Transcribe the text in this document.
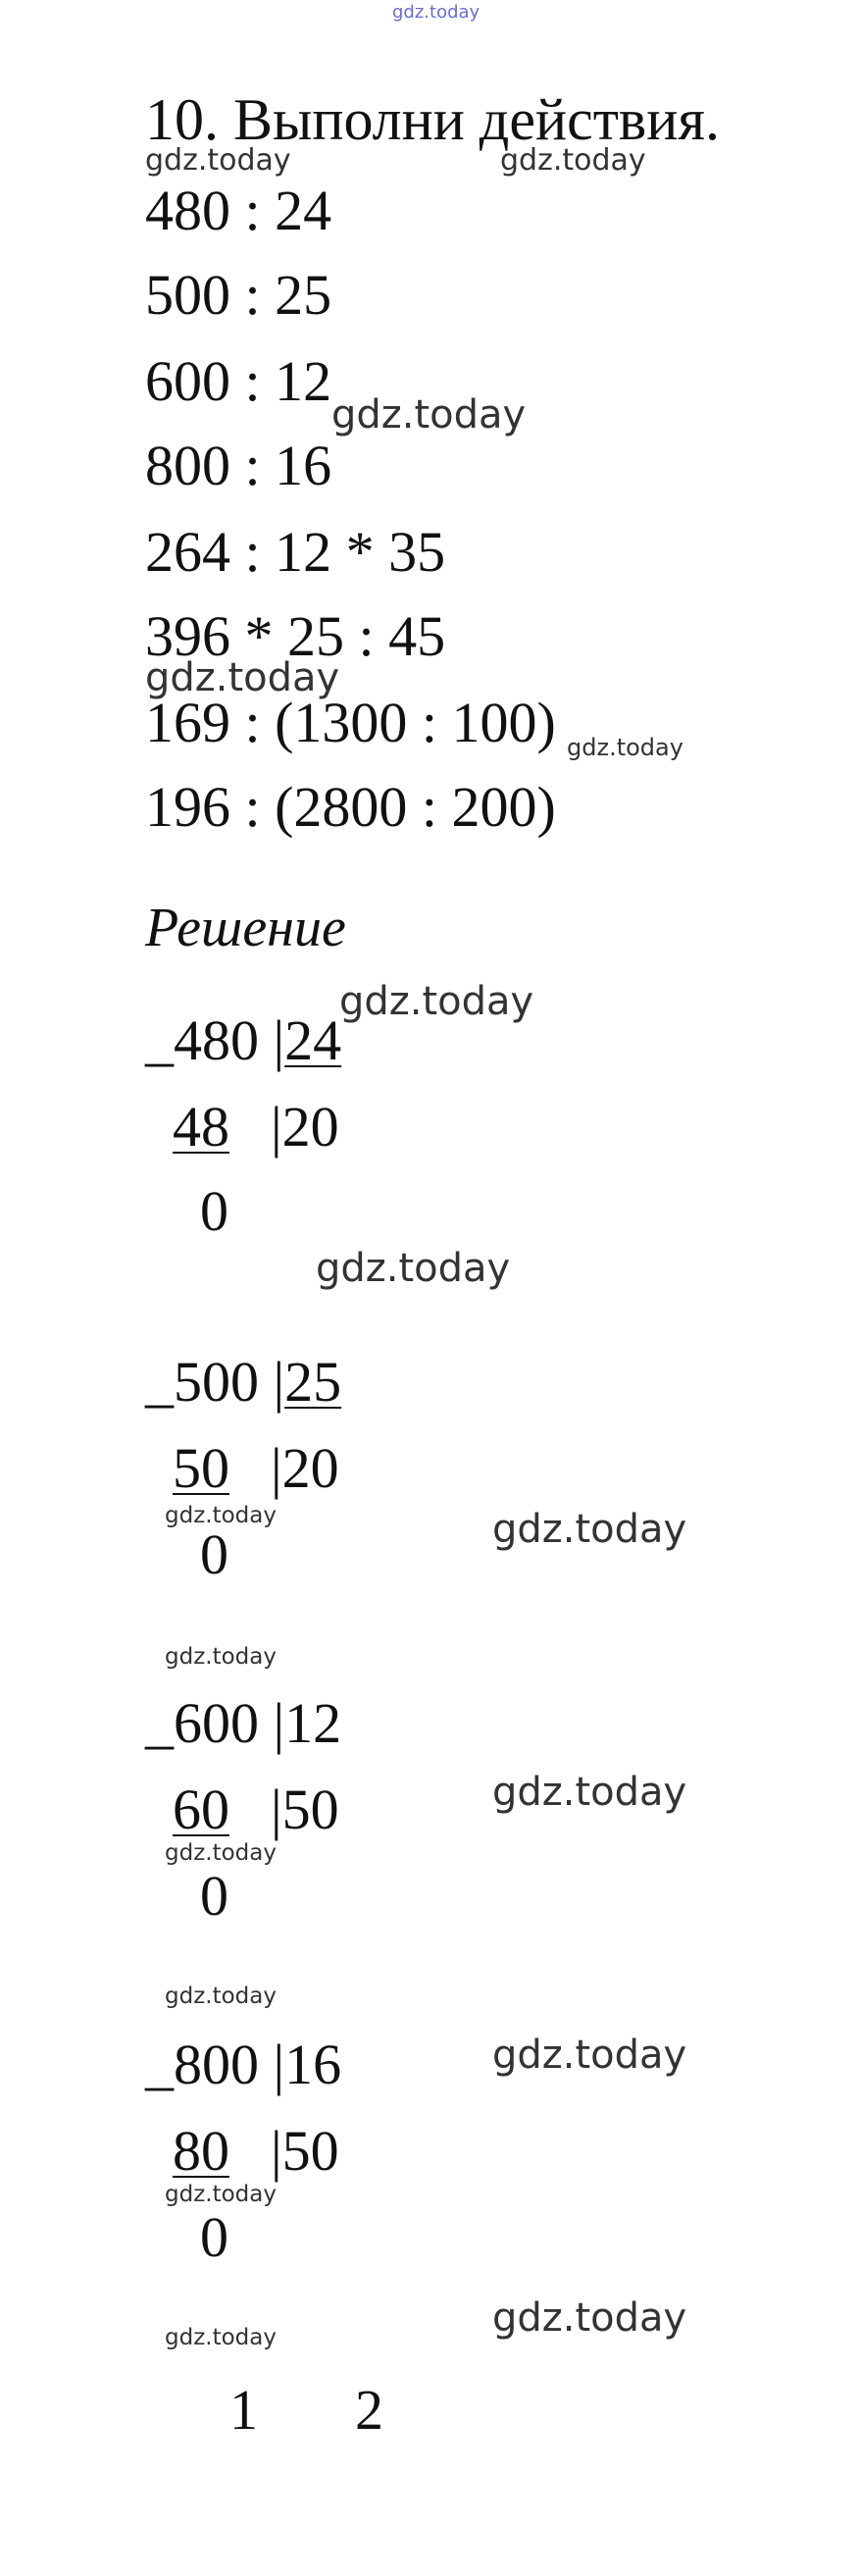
gdz.today
gdz.today	gdz.today
gdz.today
gdz.today
gdz.today
gdz.today
gdz.today
gdz.today	gdz.today
gdz.today
gdz.today
gdz.today
gdz.today
gdz.today
gdz.today
gdz.today	gdz.today
10. Выполни действия.
480 : 24
500 : 25
600 : 12
800 : 16
264 : 12 * 35
396 * 25 : 45
169 : (1300 : 100)
196 : (2800 : 200)
Решение
_480 |24
48 |20
0
_500 |25
50 |20
0
_600 |12
60 |50
0
_800 |16
80 |50
0
1 2
